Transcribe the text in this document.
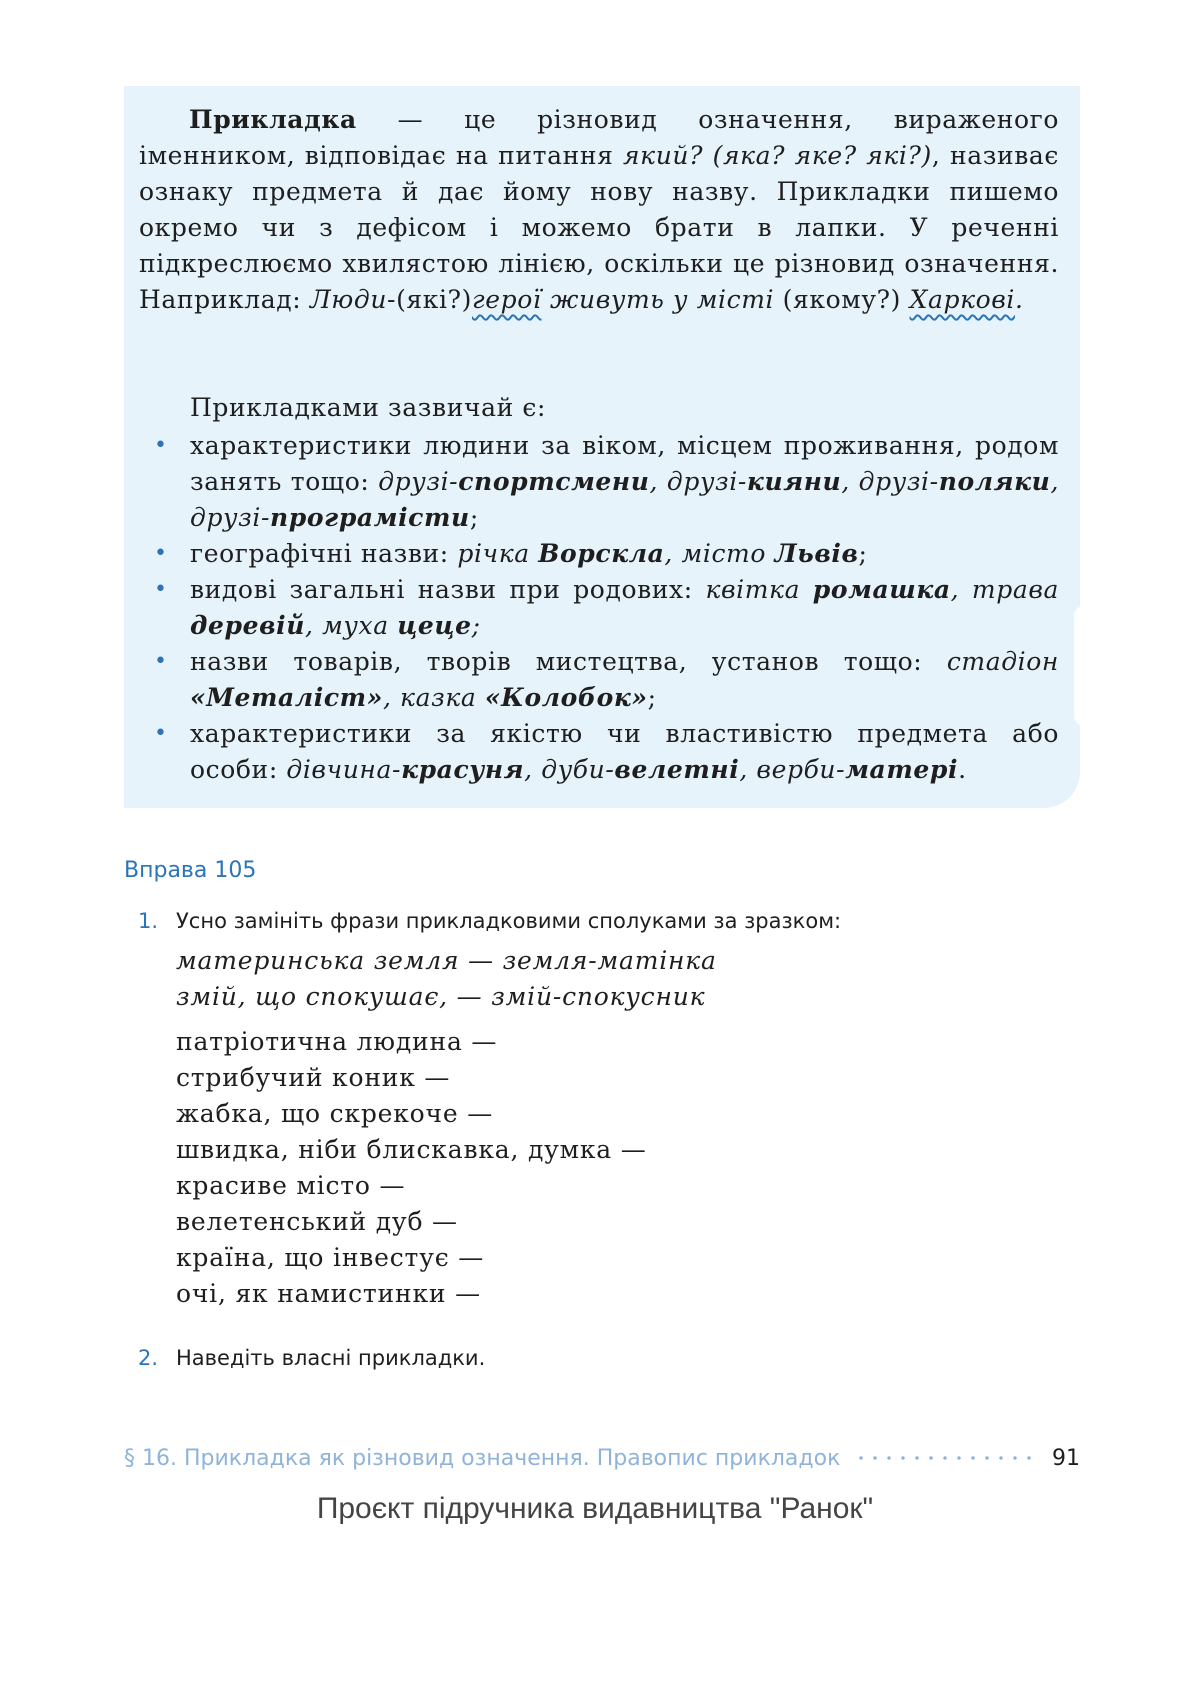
Прикладка — це різновид означення, вираженого іменником, відповідає на питання який? (яка? яке? які?), називає ознаку предмета й дає йому нову назву. Прикладки пишемо окремо чи з дефісом і можемо брати в лапки. У реченні підкреслюємо хвилястою лінією, оскільки це різновид означення. Наприклад: Люди-(які?)герої живуть у місті (якому?) Харкові.

Прикладками зазвичай є:

• характеристики людини за віком, місцем проживання, родом занять тощо: друзі-спортсмени, друзі-кияни, друзі-поляки, друзі-програмісти;
• географічні назви: річка Ворскла, місто Львів;
• видові загальні назви при родових: квітка ромашка, трава деревій, муха цеце;
• назви товарів, творів мистецтва, установ тощо: стадіон «Металіст», казка «Колобок»;
• характеристики за якістю чи властивістю предмета або особи: дівчина-красуня, дуби-велетні, верби-матері.

Вправа 105

1. Усно замініть фрази прикладковими сполуками за зразком:

материнська земля — земля-матінка
змій, що спокушає, — змій-спокусник
патріотична людина —
стрибучий коник —
жабка, що скрекоче —
швидка, ніби блискавка, думка —
красиве місто —
велетенський дуб —
країна, що інвестує —
очі, як намистинки —

2. Наведіть власні прикладки.

§ 16. Прикладка як різновид означення. Правопис прикладок	91
Проєкт підручника видавництва "Ранок"
